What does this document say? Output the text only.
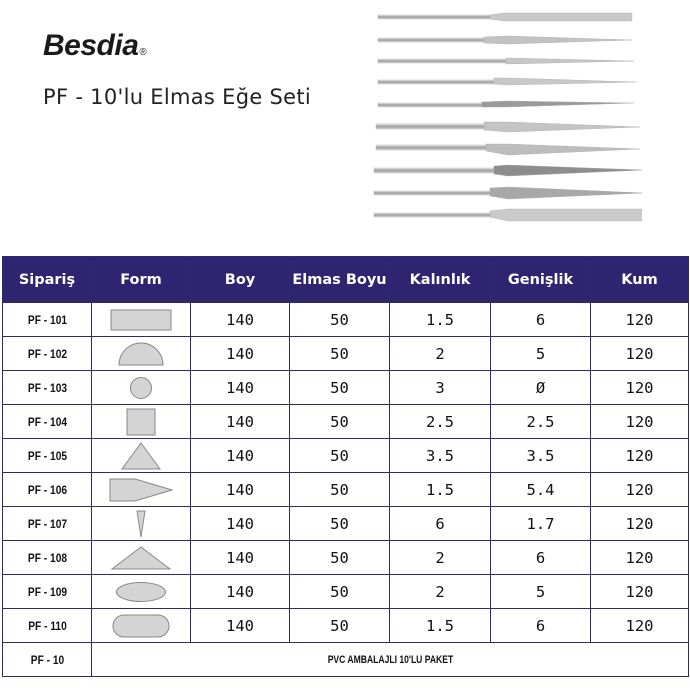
Besdia®
PF - 10'lu Elmas Eğe Seti
Sipariş	Form	Boy	Elmas Boyu	Kalınlık	Genişlik	Kum
PF - 101		140	50	1.5	6	120
PF - 102		140	50	2	5	120
PF - 103		140	50	3	Ø	120
PF - 104		140	50	2.5	2.5	120
PF - 105		140	50	3.5	3.5	120
PF - 106		140	50	1.5	5.4	120
PF - 107		140	50	6	1.7	120
PF - 108		140	50	2	6	120
PF - 109		140	50	2	5	120
PF - 110		140	50	1.5	6	120
PF - 10	PVC AMBALAJLI 10'LU PAKET					
